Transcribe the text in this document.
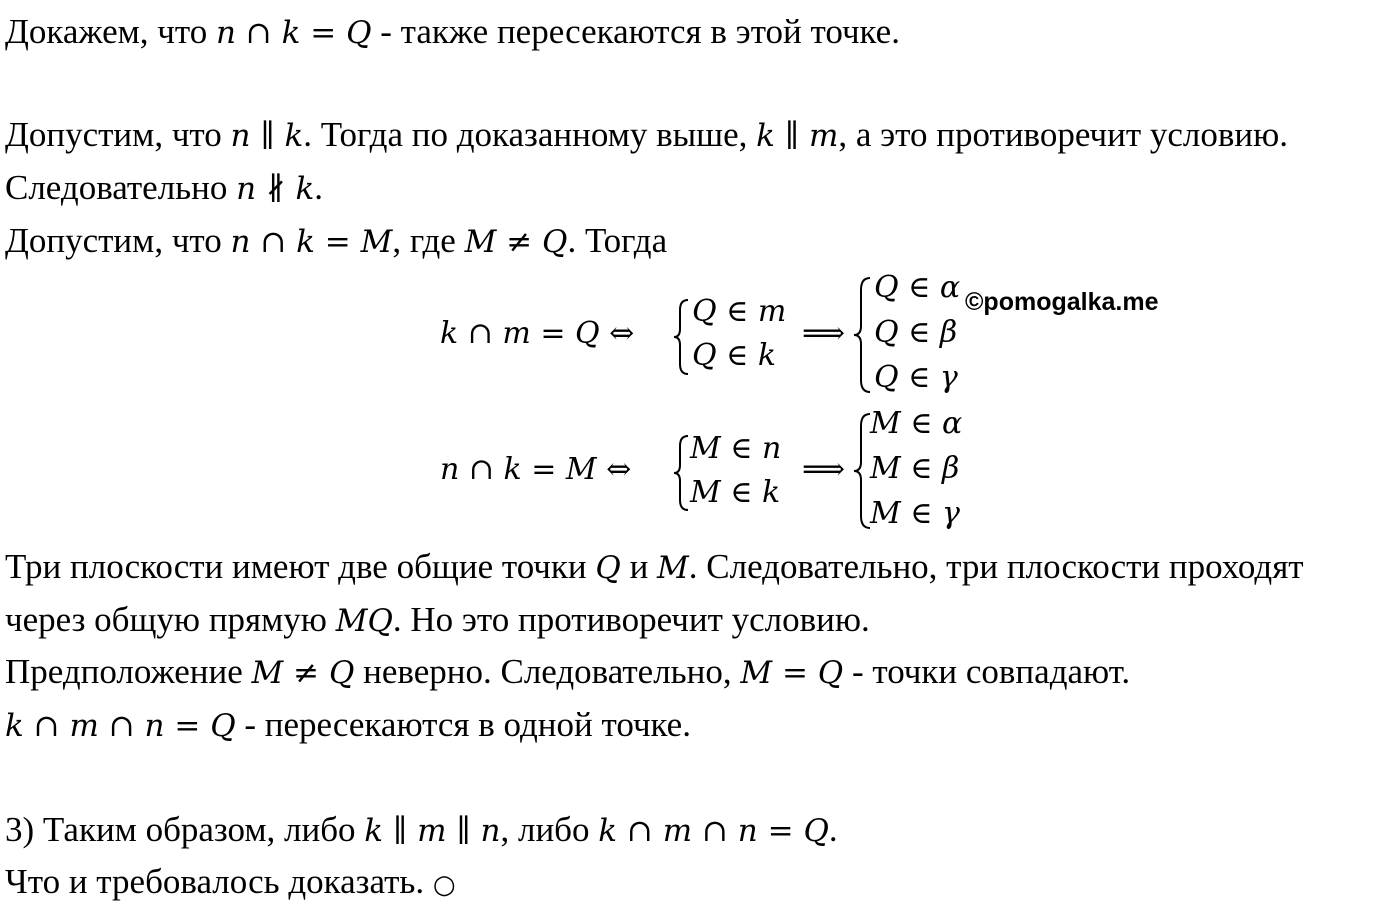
Докажем, что n ∩ k = Q - также пересекаются в этой точке.
Допустим, что n ∥ k. Тогда по доказанному выше, k ∥ m, а это противоречит условию.
Следовательно n ∦ k.
Допустим, что n ∩ k = M, где M ≠ Q. Тогда
k ∩ m = Q ⇔
Q ∈ m
Q ∈ k
⟹
Q ∈ α
Q ∈ β
Q ∈ γ
©pomogalka.me
n ∩ k = M ⇔
M ∈ n
M ∈ k
⟹
M ∈ α
M ∈ β
M ∈ γ
Три плоскости имеют две общие точки Q и M. Следовательно, три плоскости проходят
через общую прямую MQ. Но это противоречит условию.
Предположение M ≠ Q неверно. Следовательно, M = Q - точки совпадают.
k ∩ m ∩ n = Q - пересекаются в одной точке.
3) Таким образом, либо k ∥ m ∥ n, либо k ∩ m ∩ n = Q.
Что и требовалось доказать. ○
